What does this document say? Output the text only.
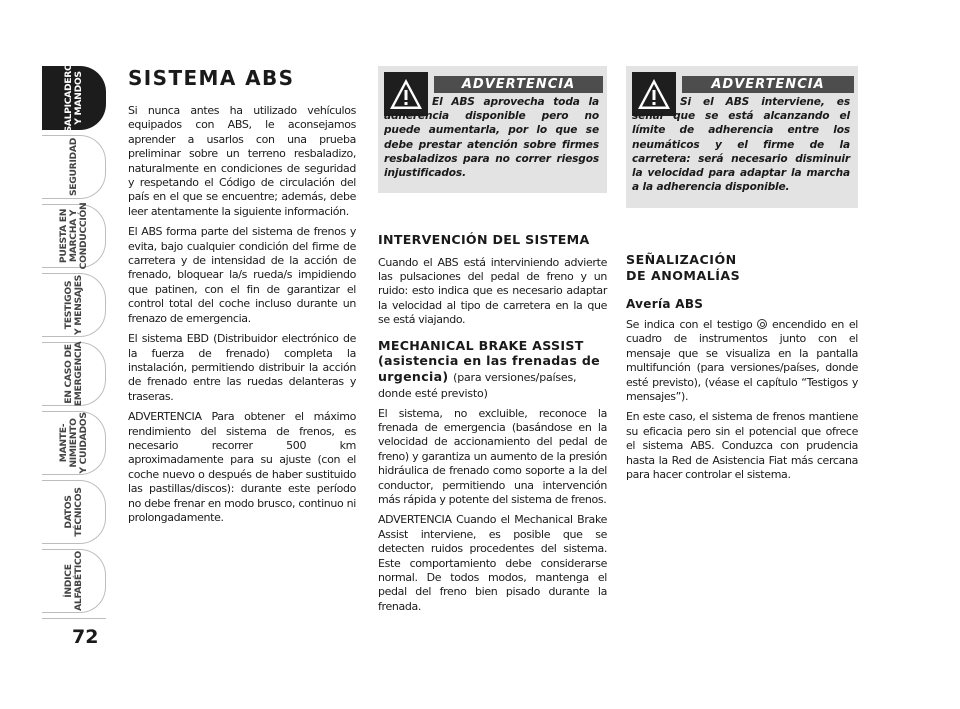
SALPICADERO
Y MANDOS
SEGURIDAD
PUESTA EN
MARCHA Y
CONDUCCIÓN
TESTIGOS
Y MENSAJES
EN CASO DE
EMERGENCIA
MANTE-
NIMIENTO
Y CUIDADOS
DATOS
TÉCNICOS
ÍNDICE
ALFABÉTICO
72
SISTEMA ABS

Si nunca antes ha utilizado vehículos equipados con ABS, le aconsejamos aprender a usarlos con una prueba preliminar sobre un terreno resbaladizo, naturalmente en condiciones de seguridad y respetando el Código de circulación del país en el que se encuentre; además, debe leer atentamente la siguiente información.

El ABS forma parte del sistema de frenos y evita, bajo cualquier condición del firme de carretera y de intensidad de la acción de frenado, bloquear la/s rueda/s impidiendo que patinen, con el fin de garantizar el control total del coche incluso durante un frenazo de emergencia.

El sistema EBD (Distribuidor electrónico de la fuerza de frenado) completa la instalación, permitiendo distribuir la acción de frenado entre las ruedas delanteras y traseras.

ADVERTENCIA Para obtener el máximo rendimiento del sistema de frenos, es necesario recorrer 500 km aproximadamente para su ajuste (con el coche nuevo o después de haber sustituido las pastillas/discos): durante este período no debe frenar en modo brusco, continuo ni prolongadamente.

ADVERTENCIA
El ABS aprovecha toda la adherencia disponible pero no puede aumentarla, por lo que se debe prestar atención sobre firmes resbaladizos para no correr riesgos injustificados.
ADVERTENCIA
Si el ABS interviene, es señal que se está alcanzando el límite de adherencia entre los neumáticos y el firme de la carretera: será necesario disminuir la velocidad para adaptar la marcha a la adherencia disponible.
INTERVENCIÓN DEL SISTEMA

Cuando el ABS está interviniendo advierte las pulsaciones del pedal de freno y un ruido: esto indica que es necesario adaptar la velocidad al tipo de carretera en la que se está viajando.

MECHANICAL BRAKE ASSIST (asistencia en las frenadas de urgencia) (para versiones/países, donde esté previsto)

El sistema, no excluible, reconoce la frenada de emergencia (basándose en la velocidad de accionamiento del pedal de freno) y garantiza un aumento de la presión hidráulica de frenado como soporte a la del conductor, permitiendo una intervención más rápida y potente del sistema de frenos.

ADVERTENCIA Cuando el Mechanical Brake Assist interviene, es posible que se detecten ruidos procedentes del sistema. Este comportamiento debe considerarse normal. De todos modos, mantenga el pedal del freno bien pisado durante la frenada.

SEÑALIZACIÓN
DE ANOMALÍAS
Avería ABS

Se indica con el testigo encendido en el cuadro de instrumentos junto con el mensaje que se visualiza en la pantalla multifunción (para versiones/países, donde esté previsto), (véase el capítulo “Testigos y mensajes”).

En este caso, el sistema de frenos mantiene su eficacia pero sin el potencial que ofrece el sistema ABS. Conduzca con prudencia hasta la Red de Asistencia Fiat más cercana para hacer controlar el sistema.
